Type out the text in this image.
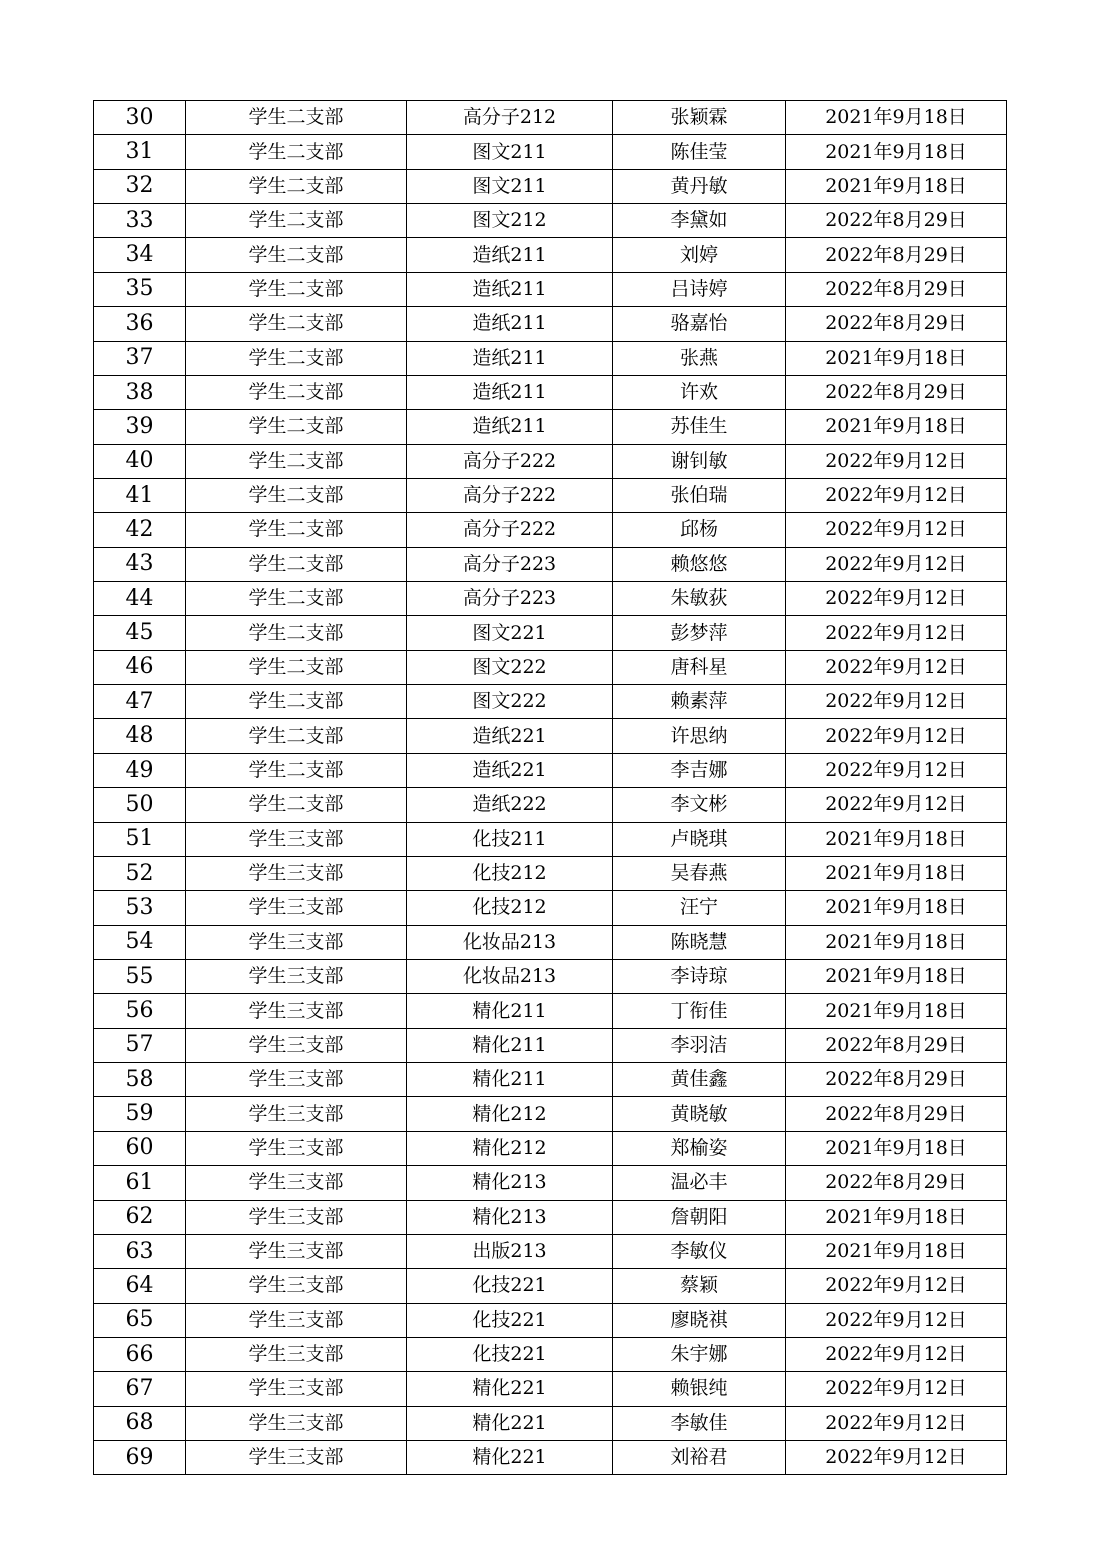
30	学生二支部	高分子212	张颖霖	2021年9月18日
31	学生二支部	图文211	陈佳莹	2021年9月18日
32	学生二支部	图文211	黄丹敏	2021年9月18日
33	学生二支部	图文212	李黛如	2022年8月29日
34	学生二支部	造纸211	刘婷	2022年8月29日
35	学生二支部	造纸211	吕诗婷	2022年8月29日
36	学生二支部	造纸211	骆嘉怡	2022年8月29日
37	学生二支部	造纸211	张燕	2021年9月18日
38	学生二支部	造纸211	许欢	2022年8月29日
39	学生二支部	造纸211	苏佳生	2021年9月18日
40	学生二支部	高分子222	谢钊敏	2022年9月12日
41	学生二支部	高分子222	张伯瑞	2022年9月12日
42	学生二支部	高分子222	邱杨	2022年9月12日
43	学生二支部	高分子223	赖悠悠	2022年9月12日
44	学生二支部	高分子223	朱敏荻	2022年9月12日
45	学生二支部	图文221	彭梦萍	2022年9月12日
46	学生二支部	图文222	唐科星	2022年9月12日
47	学生二支部	图文222	赖素萍	2022年9月12日
48	学生二支部	造纸221	许思纳	2022年9月12日
49	学生二支部	造纸221	李吉娜	2022年9月12日
50	学生二支部	造纸222	李文彬	2022年9月12日
51	学生三支部	化技211	卢晓琪	2021年9月18日
52	学生三支部	化技212	吴春燕	2021年9月18日
53	学生三支部	化技212	汪宁	2021年9月18日
54	学生三支部	化妆品213	陈晓慧	2021年9月18日
55	学生三支部	化妆品213	李诗琼	2021年9月18日
56	学生三支部	精化211	丁衔佳	2021年9月18日
57	学生三支部	精化211	李羽洁	2022年8月29日
58	学生三支部	精化211	黄佳鑫	2022年8月29日
59	学生三支部	精化212	黄晓敏	2022年8月29日
60	学生三支部	精化212	郑榆姿	2021年9月18日
61	学生三支部	精化213	温必丰	2022年8月29日
62	学生三支部	精化213	詹朝阳	2021年9月18日
63	学生三支部	出版213	李敏仪	2021年9月18日
64	学生三支部	化技221	蔡颖	2022年9月12日
65	学生三支部	化技221	廖晓祺	2022年9月12日
66	学生三支部	化技221	朱宇娜	2022年9月12日
67	学生三支部	精化221	赖银纯	2022年9月12日
68	学生三支部	精化221	李敏佳	2022年9月12日
69	学生三支部	精化221	刘裕君	2022年9月12日
